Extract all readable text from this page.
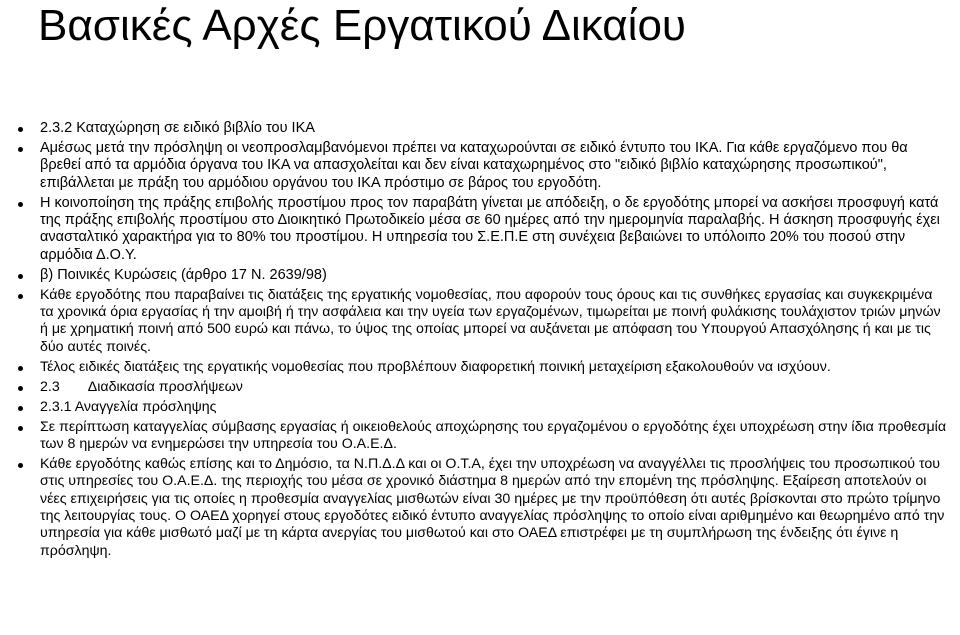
Βασικές Αρχές Εργατικού Δικαίου
2.3.2 Καταχώρηση σε ειδικό βιβλίο του ΙΚΑ
Αμέσως μετά την πρόσληψη οι νεοπροσλαμβανόμενοι πρέπει να καταχωρούνται σε ειδικό έντυπο του ΙΚΑ. Για κάθε εργαζόμενο που θα βρεθεί από τα αρμόδια όργανα του ΙΚΑ να απασχολείται και δεν είναι καταχωρημένος στο "ειδικό βιβλίο καταχώρησης προσωπικού", επιβάλλεται με πράξη του αρμόδιου οργάνου του ΙΚΑ πρόστιμο σε βάρος του εργοδότη.
Η κοινοποίηση της πράξης επιβολής προστίμου προς τον παραβάτη γίνεται με απόδειξη, ο δε εργοδότης μπορεί να ασκήσει προσφυγή κατά της πράξης επιβολής προστίμου στο Διοικητικό Πρωτοδικείο μέσα σε 60 ημέρες από την ημερομηνία παραλαβής. Η άσκηση προσφυγής έχει ανασταλτικό χαρακτήρα για το 80% του προστίμου. Η υπηρεσία του Σ.Ε.Π.Ε στη συνέχεια βεβαιώνει το υπόλοιπο 20% του ποσού στην αρμόδια Δ.Ο.Υ.
β) Ποινικές Κυρώσεις (άρθρο 17 Ν. 2639/98)
Κάθε εργοδότης που παραβαίνει τις διατάξεις της εργατικής νομοθεσίας, που αφορούν τους όρους και τις συνθήκες εργασίας και συγκεκριμένα τα χρονικά όρια εργασίας ή την αμοιβή ή την ασφάλεια και την υγεία των εργαζομένων, τιμωρείται με ποινή φυλάκισης τουλάχιστον τριών μηνών ή με χρηματική ποινή από 500 ευρώ και πάνω, το ύψος της οποίας μπορεί να αυξάνεται με απόφαση του Υπουργού Απασχόλησης ή και με τις δύο αυτές ποινές.
Τέλος ειδικές διατάξεις της εργατικής νομοθεσίας που προβλέπουν διαφορετική ποινική μεταχείριση εξακολουθούν να ισχύουν.
2.3 Διαδικασία προσλήψεων
2.3.1 Αναγγελία πρόσληψης
Σε περίπτωση καταγγελίας σύμβασης εργασίας ή οικειοθελούς αποχώρησης του εργαζομένου ο εργοδότης έχει υποχρέωση στην ίδια προθεσμία των 8 ημερών να ενημερώσει την υπηρεσία του Ο.Α.Ε.Δ.
Κάθε εργοδότης καθώς επίσης και το Δημόσιο, τα Ν.Π.Δ.Δ και οι Ο.Τ.Α, έχει την υποχρέωση να αναγγέλλει τις προσλήψεις του προσωπικού του στις υπηρεσίες του Ο.Α.Ε.Δ. της περιοχής του μέσα σε χρονικό διάστημα 8 ημερών από την επομένη της πρόσληψης. Εξαίρεση αποτελούν οι νέες επιχειρήσεις για τις οποίες η προθεσμία αναγγελίας μισθωτών είναι 30 ημέρες με την προϋπόθεση ότι αυτές βρίσκονται στο πρώτο τρίμηνο της λειτουργίας τους. Ο ΟΑΕΔ χορηγεί στους εργοδότες ειδικό έντυπο αναγγελίας πρόσληψης το οποίο είναι αριθμημένο και θεωρημένο από την υπηρεσία για κάθε μισθωτό μαζί με τη κάρτα ανεργίας του μισθωτού και στο ΟΑΕΔ επιστρέφει με τη συμπλήρωση της ένδειξης ότι έγινε η πρόσληψη.
